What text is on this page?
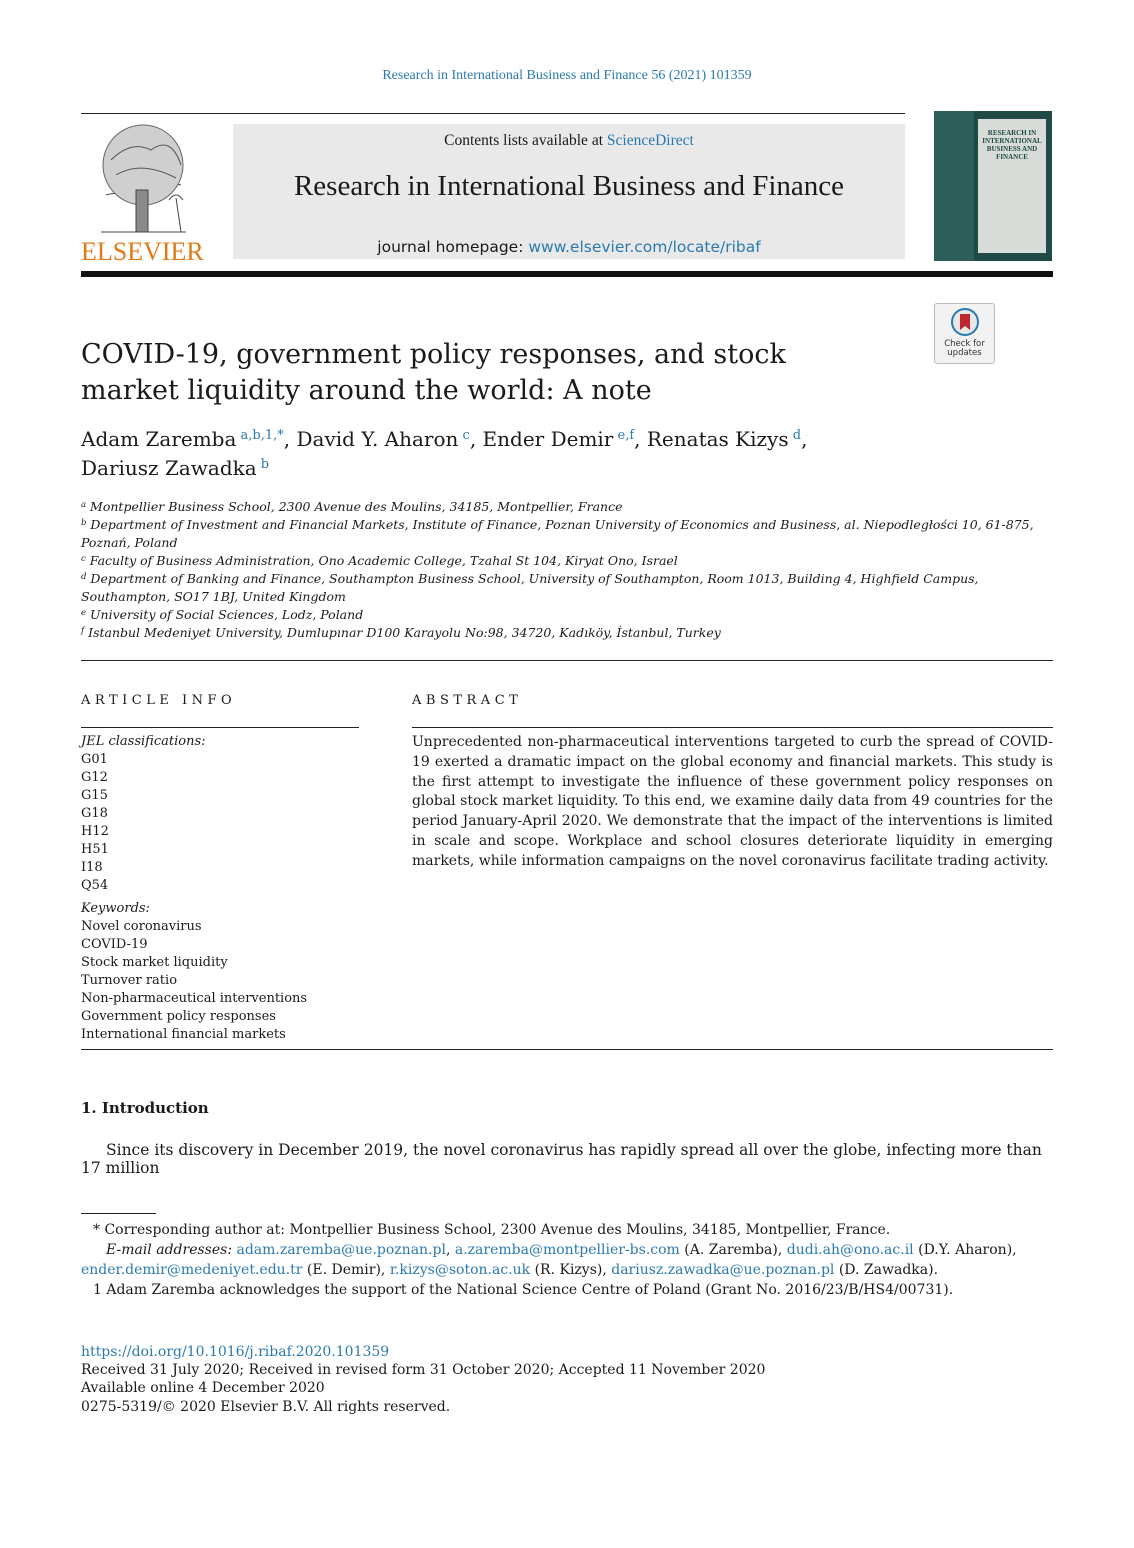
Research in International Business and Finance 56 (2021) 101359
ELSEVIER
Contents lists available at ScienceDirect
Research in International Business and Finance
journal homepage: www.elsevier.com/locate/ribaf
RESEARCH IN INTERNATIONAL BUSINESS AND FINANCE
Check for updates
COVID-19, government policy responses, and stock market liquidity around the world: A note
Adam Zaremba $^{a,b,1,*}$, David Y. Aharon $^c$, Ender Demir $^{e,f}$, Renatas Kizys $^d$,
Dariusz Zawadka $^b$
$^a$ Montpellier Business School, 2300 Avenue des Moulins, 34185, Montpellier, France
$^b$ Department of Investment and Financial Markets, Institute of Finance, Poznan University of Economics and Business, al. Niepodległości 10, 61-875, Poznań, Poland
$^c$ Faculty of Business Administration, Ono Academic College, Tzahal St 104, Kiryat Ono, Israel
$^d$ Department of Banking and Finance, Southampton Business School, University of Southampton, Room 1013, Building 4, Highfield Campus, Southampton, SO17 1BJ, United Kingdom
$^e$ University of Social Sciences, Lodz, Poland
$^f$ Istanbul Medeniyet University, Dumlupınar D100 Karayolu No:98, 34720, Kadıköy, İstanbul, Turkey
ARTICLE INFO	ABSTRACT
JEL classifications:
G01
G12
G15
G18
H12
H51
I18
Q54
Keywords:
Novel coronavirus
COVID-19
Stock market liquidity
Turnover ratio
Non-pharmaceutical interventions
Government policy responses
International financial markets
Unprecedented non-pharmaceutical interventions targeted to curb the spread of COVID-19 exerted a dramatic impact on the global economy and financial markets. This study is the first attempt to investigate the influence of these government policy responses on global stock market liquidity. To this end, we examine daily data from 49 countries for the period January-April 2020. We demonstrate that the impact of the interventions is limited in scale and scope. Workplace and school closures deteriorate liquidity in emerging markets, while information campaigns on the novel coronavirus facilitate trading activity.
1. Introduction
Since its discovery in December 2019, the novel coronavirus has rapidly spread all over the globe, infecting more than 17 million
* Corresponding author at: Montpellier Business School, 2300 Avenue des Moulins, 34185, Montpellier, France.
E-mail addresses: adam.zaremba@ue.poznan.pl, a.zaremba@montpellier-bs.com (A. Zaremba), dudi.ah@ono.ac.il (D.Y. Aharon), ender.demir@medeniyet.edu.tr (E. Demir), r.kizys@soton.ac.uk (R. Kizys), dariusz.zawadka@ue.poznan.pl (D. Zawadka).
1 Adam Zaremba acknowledges the support of the National Science Centre of Poland (Grant No. 2016/23/B/HS4/00731).
https://doi.org/10.1016/j.ribaf.2020.101359
Received 31 July 2020; Received in revised form 31 October 2020; Accepted 11 November 2020
Available online 4 December 2020
0275-5319/© 2020 Elsevier B.V. All rights reserved.
